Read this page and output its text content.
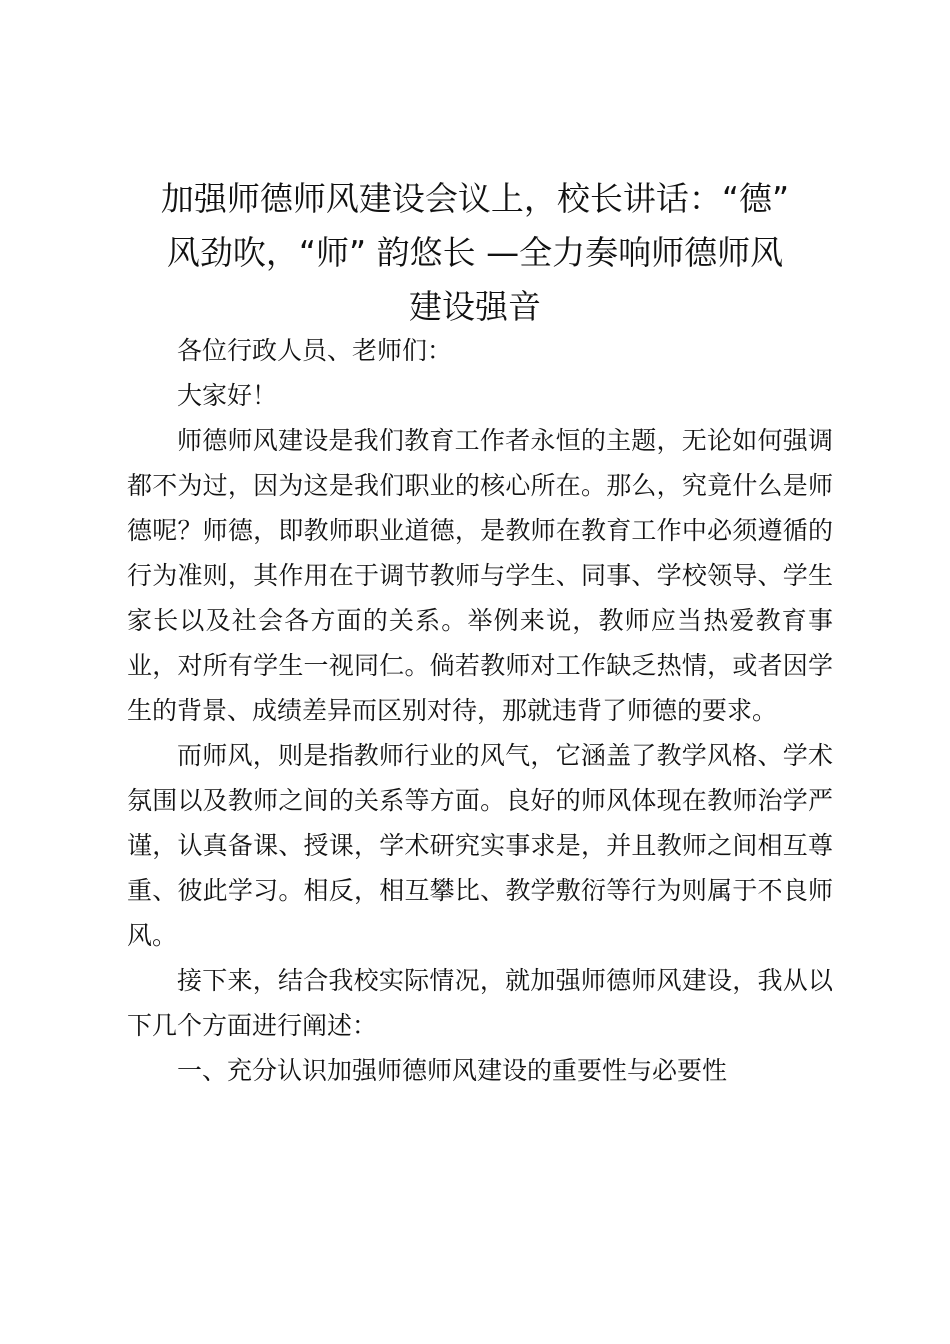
加强师德师风建设会议上，校长讲话：“德”
风劲吹，“师” 韵悠长 —全力奏响师德师风
建设强音

各位行政人员、老师们：

大家好！

师德师风建设是我们教育工作者永恒的主题，无论如何强调都不为过，因为这是我们职业的核心所在。那么，究竟什么是师德呢？师德，即教师职业道德，是教师在教育工作中必须遵循的行为准则，其作用在于调节教师与学生、同事、学校领导、学生家长以及社会各方面的关系。举例来说，教师应当热爱教育事业，对所有学生一视同仁。倘若教师对工作缺乏热情，或者因学生的背景、成绩差异而区别对待，那就违背了师德的要求。

而师风，则是指教师行业的风气，它涵盖了教学风格、学术氛围以及教师之间的关系等方面。良好的师风体现在教师治学严谨，认真备课、授课，学术研究实事求是，并且教师之间相互尊重、彼此学习。相反，相互攀比、教学敷衍等行为则属于不良师风。

接下来，结合我校实际情况，就加强师德师风建设，我从以下几个方面进行阐述：

一、充分认识加强师德师风建设的重要性与必要性
